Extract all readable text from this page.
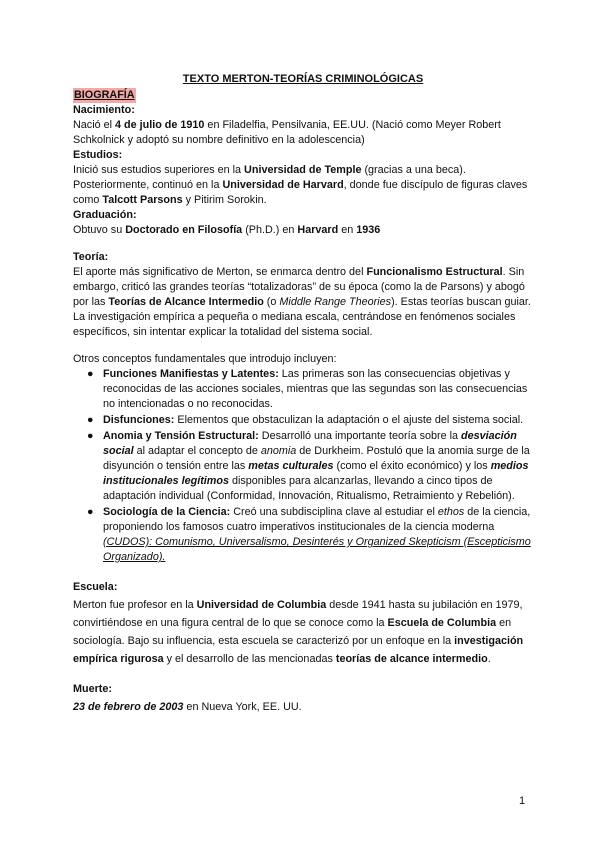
TEXTO MERTON-TEORÍAS CRIMINOLÓGICAS

BIOGRAFÍA

Nacimiento:

Nació el 4 de julio de 1910 en Filadelfia, Pensilvania, EE.UU. (Nació como Meyer Robert Schkolnick y adoptó su nombre definitivo en la adolescencia)

Estudios:

Inició sus estudios superiores en la Universidad de Temple (gracias a una beca). Posteriormente, continuó en la Universidad de Harvard, donde fue discípulo de figuras claves como Talcott Parsons y Pitirim Sorokin.

Graduación:

Obtuvo su Doctorado en Filosofía (Ph.D.) en Harvard en 1936

Teoría:

El aporte más significativo de Merton, se enmarca dentro del Funcionalismo Estructural. Sin embargo, criticó las grandes teorías “totalizadoras” de su época (como la de Parsons) y abogó por las Teorías de Alcance Intermedio (o Middle Range Theories). Estas teorías buscan guiar. La investigación empírica a pequeña o mediana escala, centrándose en fenómenos sociales específicos, sin intentar explicar la totalidad del sistema social.

Otros conceptos fundamentales que introdujo incluyen:

● Funciones Manifiestas y Latentes: Las primeras son las consecuencias objetivas y reconocidas de las acciones sociales, mientras que las segundas son las consecuencias no intencionadas o no reconocidas.
● Disfunciones: Elementos que obstaculizan la adaptación o el ajuste del sistema social.
● Anomia y Tensión Estructural: Desarrolló una importante teoría sobre la desviación social al adaptar el concepto de anomia de Durkheim. Postuló que la anomia surge de la disyunción o tensión entre las metas culturales (como el éxito económico) y los medios institucionales legítimos disponibles para alcanzarlas, llevando a cinco tipos de adaptación individual (Conformidad, Innovación, Ritualismo, Retraimiento y Rebelión).
● Sociología de la Ciencia: Creó una subdisciplina clave al estudiar el ethos de la ciencia, proponiendo los famosos cuatro imperativos institucionales de la ciencia moderna (CUDOS): Comunismo, Universalismo, Desinterés y Organized Skepticism (Escepticismo Organizado).

Escuela:

Merton fue profesor en la Universidad de Columbia desde 1941 hasta su jubilación en 1979, convirtiéndose en una figura central de lo que se conoce como la Escuela de Columbia en sociología. Bajo su influencia, esta escuela se caracterizó por un enfoque en la investigación empírica rigurosa y el desarrollo de las mencionadas teorías de alcance intermedio.

Muerte:

23 de febrero de 2003 en Nueva York, EE. UU.

1
